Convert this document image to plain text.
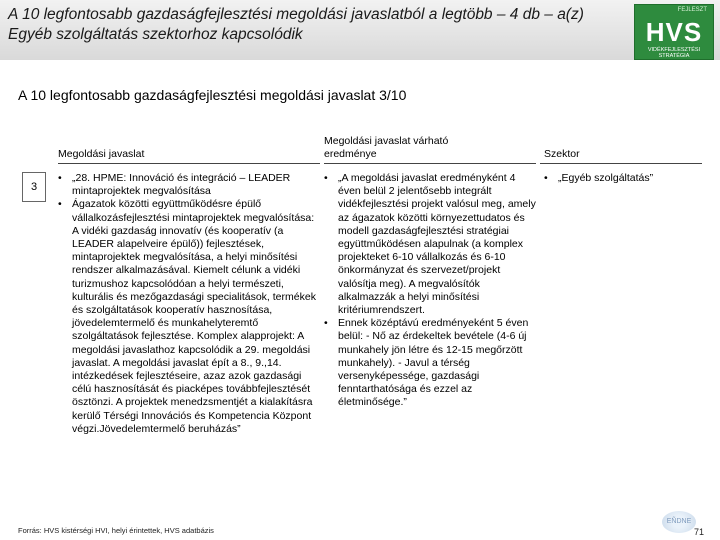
A 10 legfontosabb gazdaságfejlesztési megoldási javaslatból a legtöbb – 4 db – a(z) Egyéb szolgáltatás szektorhoz kapcsolódik
FEJLESZT
HVS
VIDÉKFEJLESZTÉSI STRATÉGIA
A 10 legfontosabb gazdaságfejlesztési megoldási javaslat 3/10
Megoldási javaslat
Megoldási javaslat várható eredménye	Szektor
3
• „28. HPME: Innováció és integráció – LEADER mintaprojektek megvalósítása
• Ágazatok közötti együttműködésre épülő vállalkozásfejlesztési mintaprojektek megvalósítása: A vidéki gazdaság innovatív (és kooperatív (a LEADER alapelveire épülő)) fejlesztések, mintaprojektek megvalósítása, a helyi minősítési rendszer alkalmazásával. Kiemelt célunk a vidéki turizmushoz kapcsolódóan a helyi természeti, kulturális és mezőgazdasági specialitások, termékek és szolgáltatások kooperatív hasznosítása, jövedelemtermelő és munkahelyteremtő szolgáltatások fejlesztése. Komplex alapprojekt: A megoldási javaslathoz kapcsolódik a 29. megoldási javaslat. A megoldási javaslat épít a 8., 9.,14. intézkedések fejlesztéseire, azaz azok gazdasági célú hasznosítását és piacképes továbbfejlesztését ösztönzi. A projektek menedzsmentjét a kialakításra kerülő Térségi Innovációs és Kompetencia Központ végzi.Jövedelemtermelő beruházás”
• „A megoldási javaslat eredményként 4 éven belül 2 jelentősebb integrált vidékfejlesztési projekt valósul meg, amely az ágazatok közötti környezettudatos és modell gazdaságfejlesztési stratégiai együttműködésen alapulnak (a komplex projekteket 6-10 vállalkozás és 6-10 önkormányzat és szervezet/projekt valósítja meg). A megvalósítók alkalmazzák a helyi minősítési kritériumrendszert.
• Ennek középtávú eredményeként 5 éven belül: - Nő az érdekeltek bevétele (4-6 új munkahely jön létre és 12-15 megőrzött munkahely). - Javul a térség versenyképessége, gazdasági fenntarthatósága és ezzel az életminősége.”
• „Egyéb szolgáltatás”
Forrás: HVS kistérségi HVI, helyi érintettek, HVS adatbázis
EÑDNE
71
